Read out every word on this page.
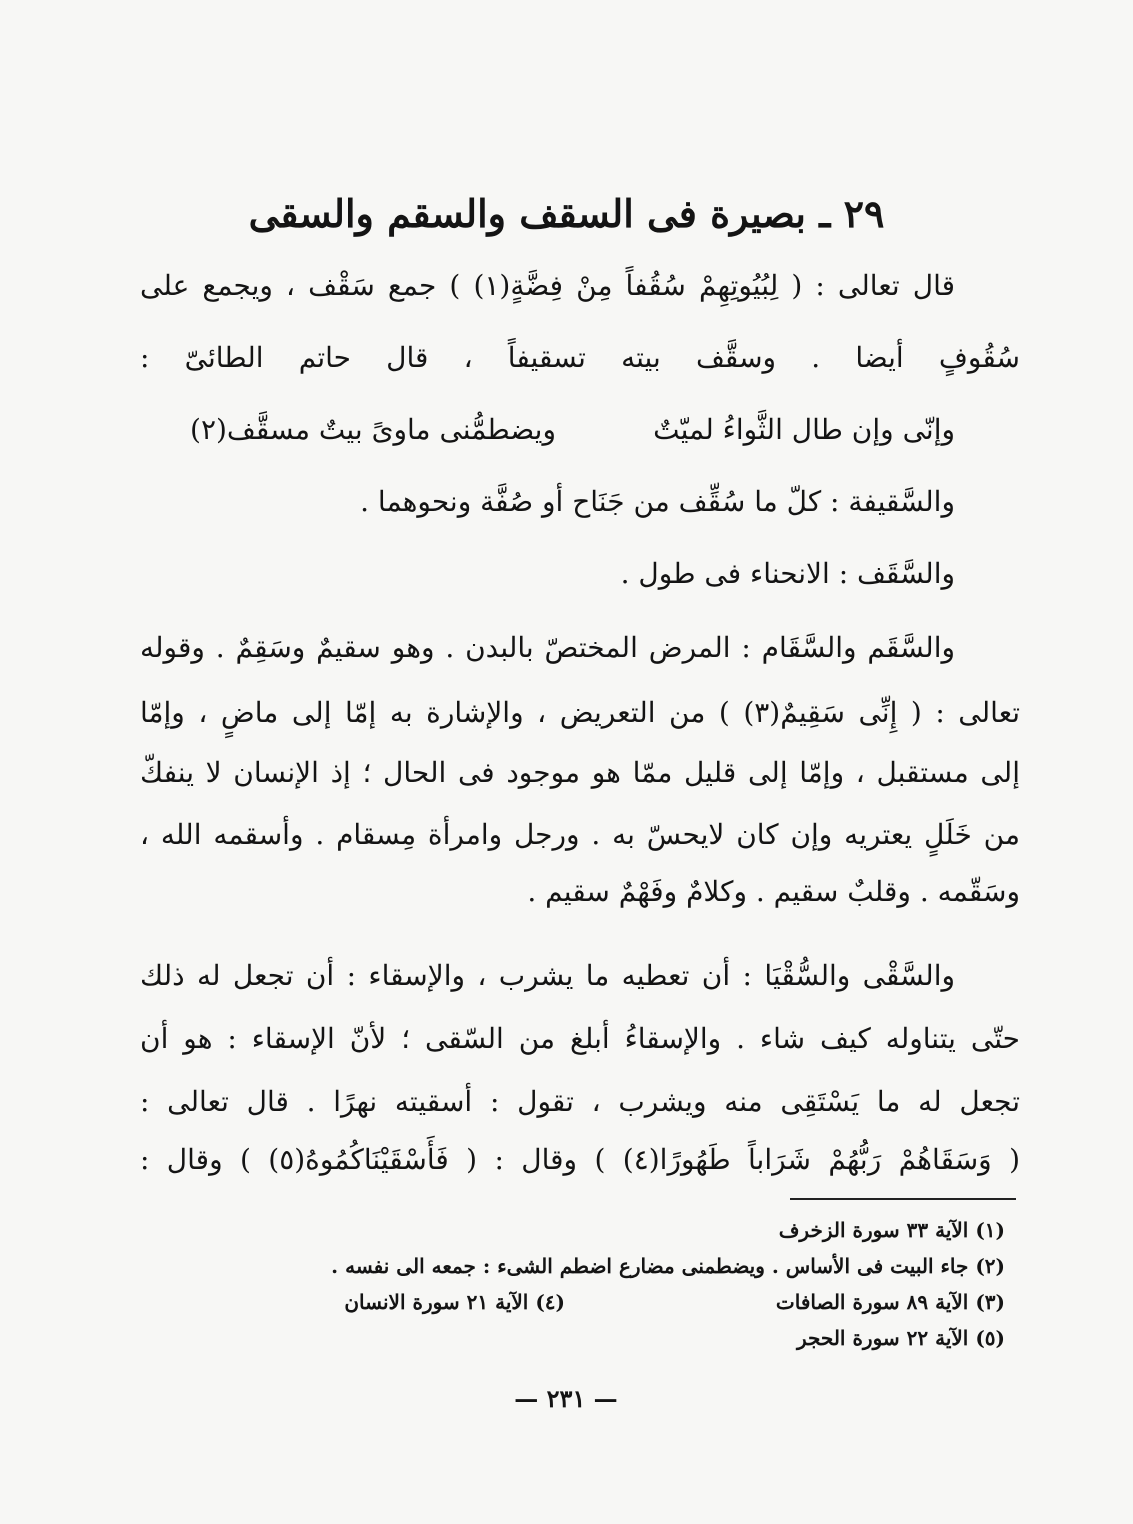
٢٩ ـ بصيرة فى السقف والسقم والسقى
قال تعالى : ( لِبُيُوتِهِمْ سُقُفاً مِنْ فِضَّةٍ(١) ) جمع سَقْف ، ويجمع على
سُقُوفٍ أيضا . وسقَّف بيته تسقيفاً ، قال حاتم الطائىّ :
وإنّى وإن طال الثَّواءُ لميّتٌ
ويضطمُّنى ماوىً بيتٌ مسقَّف(٢)
والسَّقيفة : كلّ ما سُقِّف من جَنَاح أو صُفَّة ونحوهما .
والسَّقَف : الانحناء فى طول .
والسَّقَم والسَّقَام : المرض المختصّ بالبدن . وهو سقيمٌ وسَقِمٌ . وقوله
تعالى : ( إِنِّى سَقِيمٌ(٣) ) من التعريض ، والإشارة به إمّا إلى ماضٍ ، وإمّا
إلى مستقبل ، وإمّا إلى قليل ممّا هو موجود فى الحال ؛ إذ الإنسان لا ينفكّ
من خَلَلٍ يعتريه وإن كان لايحسّ به . ورجل وامرأة مِسقام . وأسقمه الله ،
وسَقّمه . وقلبٌ سقيم . وكلامٌ وفَهْمٌ سقيم .
والسَّقْى والسُّقْيَا : أن تعطيه ما يشرب ، والإسقاء : أن تجعل له ذلك
حتّى يتناوله كيف شاء . والإسقاءُ أبلغ من السّقى ؛ لأنّ الإسقاء : هو أن
تجعل له ما يَسْتَقِى منه ويشرب ، تقول : أسقيته نهرًا . قال تعالى :
( وَسَقَاهُمْ رَبُّهُمْ شَرَاباً طَهُورًا(٤) ) وقال : ( فَأَسْقَيْنَاكُمُوهُ(٥) ) وقال :
(١) الآية ٣٣ سورة الزخرف
(٢) جاء البيت فى الأساس . ويضطمنى مضارع اضطم الشىء : جمعه الى نفسه .
(٣) الآية ٨٩ سورة الصافات
(٤) الآية ٢١ سورة الانسان
(٥) الآية ٢٢ سورة الحجر
— ٢٣١ —
